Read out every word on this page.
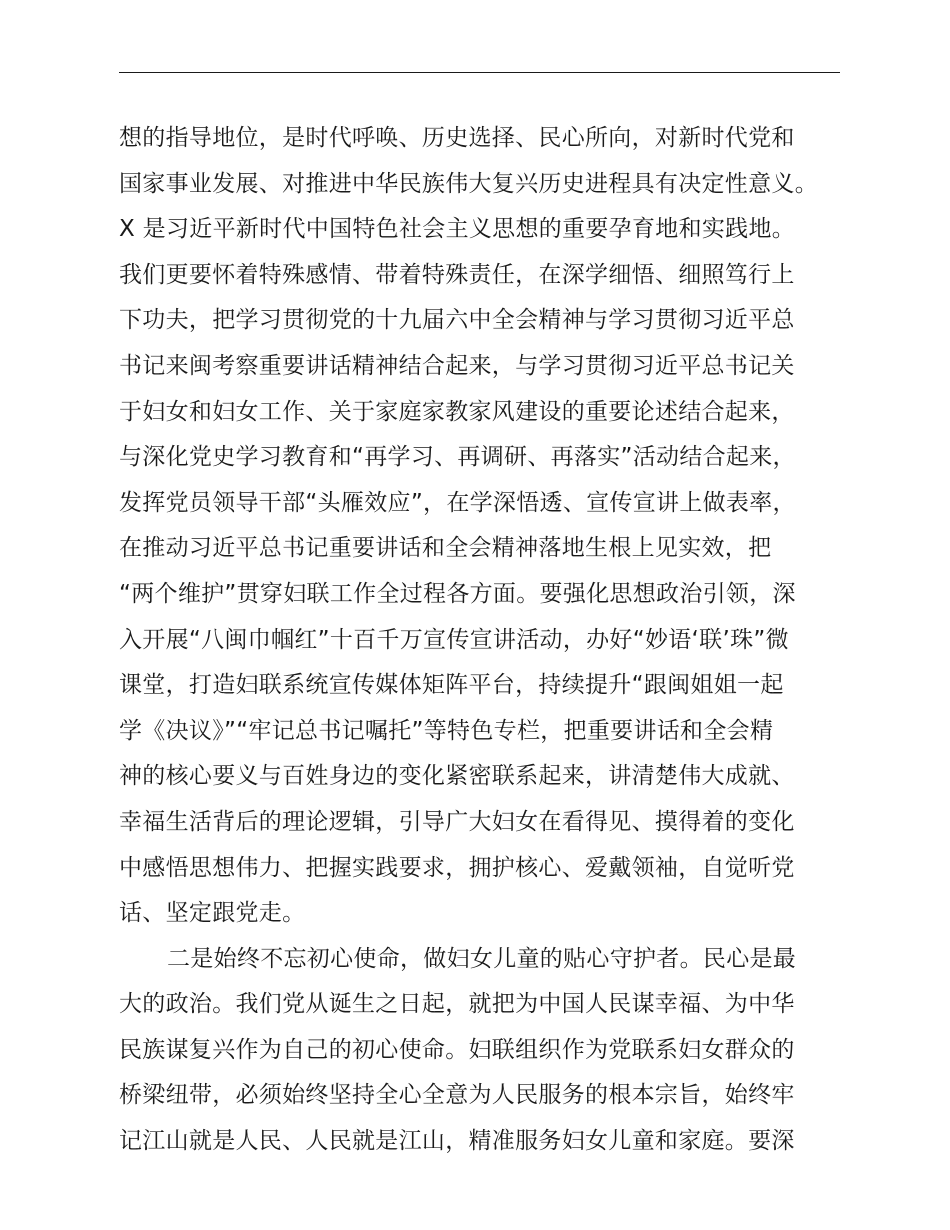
想的指导地位，是时代呼唤、历史选择、民心所向，对新时代党和
国家事业发展、对推进中华民族伟大复兴历史进程具有决定性意义。
X 是习近平新时代中国特色社会主义思想的重要孕育地和实践地。
我们更要怀着特殊感情、带着特殊责任，在深学细悟、细照笃行上
下功夫，把学习贯彻党的十九届六中全会精神与学习贯彻习近平总
书记来闽考察重要讲话精神结合起来，与学习贯彻习近平总书记关
于妇女和妇女工作、关于家庭家教家风建设的重要论述结合起来，
与深化党史学习教育和“再学习、再调研、再落实”活动结合起来，
发挥党员领导干部“头雁效应”，在学深悟透、宣传宣讲上做表率，
在推动习近平总书记重要讲话和全会精神落地生根上见实效，把
“两个维护”贯穿妇联工作全过程各方面。要强化思想政治引领，深
入开展“八闽巾帼红”十百千万宣传宣讲活动，办好“妙语‘联’珠”微
课堂，打造妇联系统宣传媒体矩阵平台，持续提升“跟闽姐姐一起
学《决议》”“牢记总书记嘱托”等特色专栏，把重要讲话和全会精
神的核心要义与百姓身边的变化紧密联系起来，讲清楚伟大成就、
幸福生活背后的理论逻辑，引导广大妇女在看得见、摸得着的变化
中感悟思想伟力、把握实践要求，拥护核心、爱戴领袖，自觉听党
话、坚定跟党走。
二是始终不忘初心使命，做妇女儿童的贴心守护者。民心是最
大的政治。我们党从诞生之日起，就把为中国人民谋幸福、为中华
民族谋复兴作为自己的初心使命。妇联组织作为党联系妇女群众的
桥梁纽带，必须始终坚持全心全意为人民服务的根本宗旨，始终牢
记江山就是人民、人民就是江山，精准服务妇女儿童和家庭。要深
